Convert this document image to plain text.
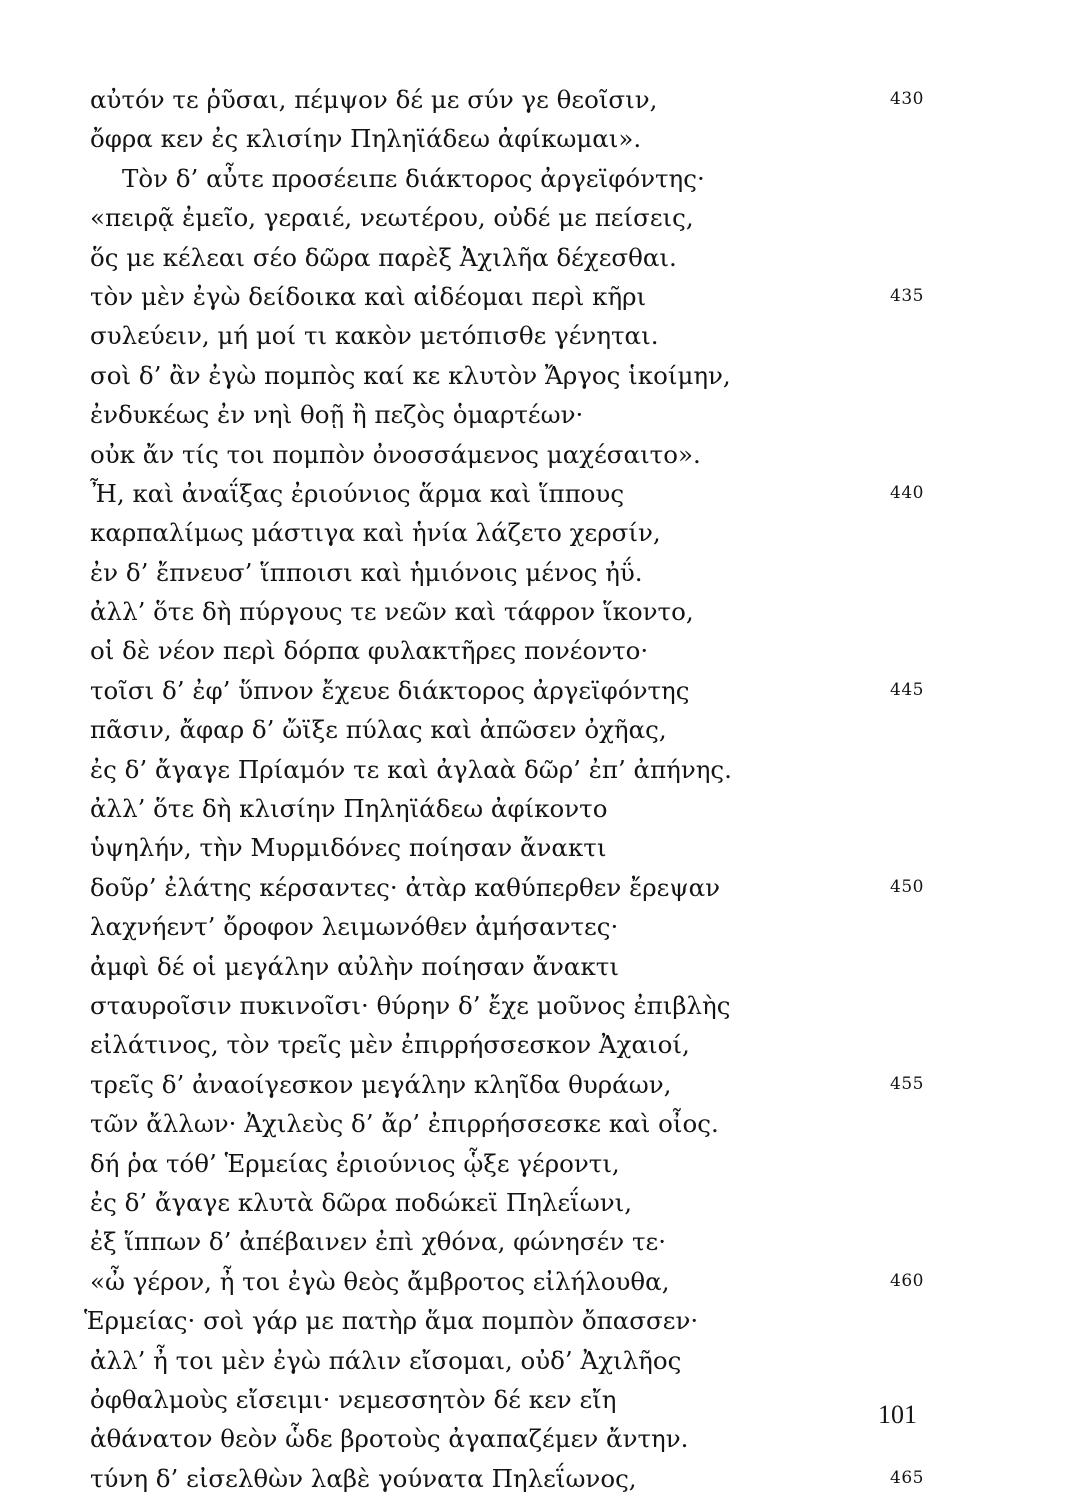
αὐτόν τε ῥῦσαι, πέμψον δέ με σύν γε θεοῖσιν,	430
ὄφρα κεν ἐς κλισίην Πηληϊάδεω ἀφίκωμαι».
Τὸν δ’ αὖτε προσέειπε διάκτορος ἀργεϊφόντης·
«πειρᾷ ἐμεῖο, γεραιέ, νεωτέρου, οὐδέ με πείσεις,
ὅς με κέλεαι σέο δῶρα παρὲξ Ἀχιλῆα δέχεσθαι.
τὸν μὲν ἐγὼ δείδοικα καὶ αἰδέομαι περὶ κῆρι	435
συλεύειν, μή μοί τι κακὸν μετόπισθε γένηται.
σοὶ δ’ ἂν ἐγὼ πομπὸς καί κε κλυτὸν Ἄργος ἱκοίμην,
ἐνδυκέως ἐν νηὶ θοῇ ἢ πεζὸς ὁμαρτέων·
οὐκ ἄν τίς τοι πομπὸν ὀνοσσάμενος μαχέσαιτο».
Ἦ, καὶ ἀναΐξας ἐριούνιος ἅρμα καὶ ἵππους	440
καρπαλίμως μάστιγα καὶ ἡνία λάζετο χερσίν,
ἐν δ’ ἔπνευσ’ ἵπποισι καὶ ἡμιόνοις μένος ἠΰ.
ἀλλ’ ὅτε δὴ πύργους τε νεῶν καὶ τάφρον ἵκοντο,
οἱ δὲ νέον περὶ δόρπα φυλακτῆρες πονέοντο·
τοῖσι δ’ ἐφ’ ὕπνον ἔχευε διάκτορος ἀργεϊφόντης	445
πᾶσιν, ἄφαρ δ’ ὤϊξε πύλας καὶ ἀπῶσεν ὀχῆας,
ἐς δ’ ἄγαγε Πρίαμόν τε καὶ ἀγλαὰ δῶρ’ ἐπ’ ἀπήνης.
ἀλλ’ ὅτε δὴ κλισίην Πηληϊάδεω ἀφίκοντο
ὑψηλήν, τὴν Μυρμιδόνες ποίησαν ἄνακτι
δοῦρ’ ἐλάτης κέρσαντες· ἀτὰρ καθύπερθεν ἔρεψαν	450
λαχνήεντ’ ὄροφον λειμωνόθεν ἀμήσαντες·
ἀμφὶ δέ οἱ μεγάλην αὐλὴν ποίησαν ἄνακτι
σταυροῖσιν πυκινοῖσι· θύρην δ’ ἔχε μοῦνος ἐπιβλὴς
εἰλάτινος, τὸν τρεῖς μὲν ἐπιρρήσσεσκον Ἀχαιοί,
τρεῖς δ’ ἀναοίγεσκον μεγάλην κληῖδα θυράων,	455
τῶν ἄλλων· Ἀχιλεὺς δ’ ἄρ’ ἐπιρρήσσεσκε καὶ οἶος.
δή ῥα τόθ’ Ἑρμείας ἐριούνιος ᾧξε γέροντι,
ἐς δ’ ἄγαγε κλυτὰ δῶρα ποδώκεϊ Πηλεΐωνι,
ἐξ ἵππων δ’ ἀπέβαινεν ἐπὶ χθόνα, φώνησέν τε·
«ὦ γέρον, ἦ τοι ἐγὼ θεὸς ἄμβροτος εἰλήλουθα,	460
Ἑρμείας· σοὶ γάρ με πατὴρ ἅμα πομπὸν ὄπασσεν·
ἀλλ’ ἦ τοι μὲν ἐγὼ πάλιν εἴσομαι, οὐδ’ Ἀχιλῆος
ὀφθαλμοὺς εἴσειμι· νεμεσσητὸν δέ κεν εἴη
ἀθάνατον θεὸν ὧδε βροτοὺς ἀγαπαζέμεν ἄντην.
τύνη δ’ εἰσελθὼν λαβὲ γούνατα Πηλεΐωνος,	465
101
